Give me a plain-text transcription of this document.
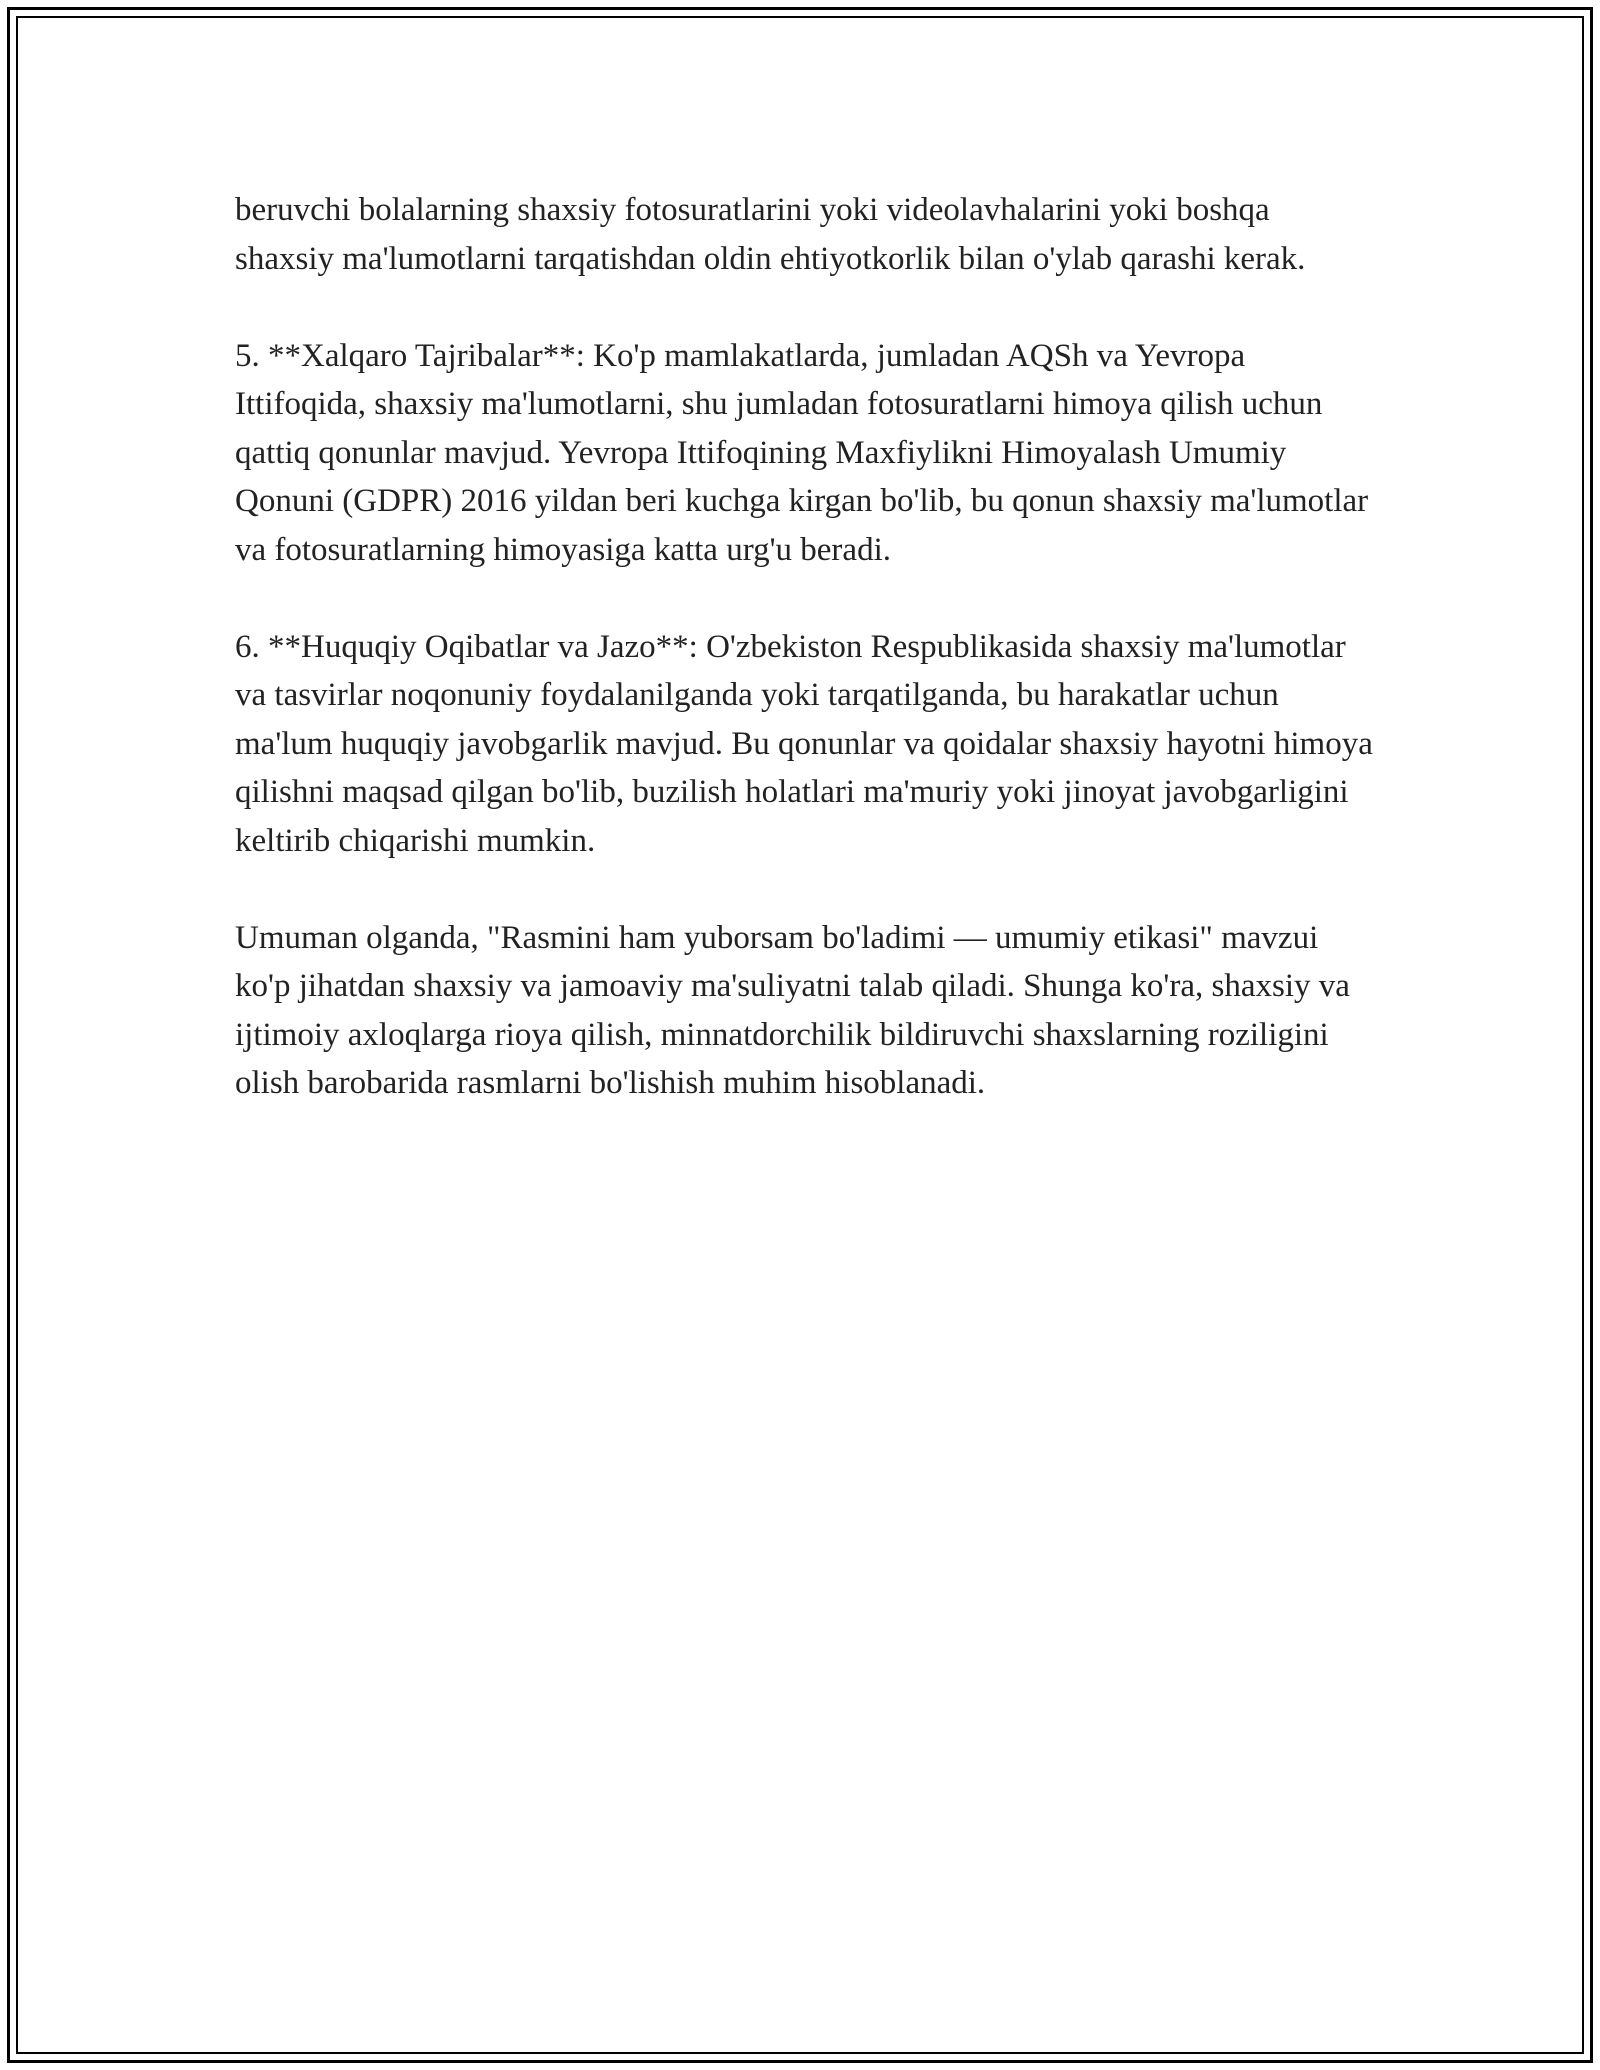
beruvchi bolalarning shaxsiy fotosuratlarini yoki videolavhalarini yoki boshqa shaxsiy ma'lumotlarni tarqatishdan oldin ehtiyotkorlik bilan o'ylab qarashi kerak.

5. **Xalqaro Tajribalar**: Ko'p mamlakatlarda, jumladan AQSh va Yevropa Ittifoqida, shaxsiy ma'lumotlarni, shu jumladan fotosuratlarni himoya qilish uchun qattiq qonunlar mavjud. Yevropa Ittifoqining Maxfiylikni Himoyalash Umumiy Qonuni (GDPR) 2016 yildan beri kuchga kirgan bo'lib, bu qonun shaxsiy ma'lumotlar va fotosuratlarning himoyasiga katta urg'u beradi.

6. **Huquqiy Oqibatlar va Jazo**: O'zbekiston Respublikasida shaxsiy ma'lumotlar va tasvirlar noqonuniy foydalanilganda yoki tarqatilganda, bu harakatlar uchun ma'lum huquqiy javobgarlik mavjud. Bu qonunlar va qoidalar shaxsiy hayotni himoya qilishni maqsad qilgan bo'lib, buzilish holatlari ma'muriy yoki jinoyat javobgarligini keltirib chiqarishi mumkin.

Umuman olganda, "Rasmini ham yuborsam bo'ladimi — umumiy etikasi" mavzui ko'p jihatdan shaxsiy va jamoaviy ma'suliyatni talab qiladi. Shunga ko'ra, shaxsiy va ijtimoiy axloqlarga rioya qilish, minnatdorchilik bildiruvchi shaxslarning roziligini olish barobarida rasmlarni bo'lishish muhim hisoblanadi.
